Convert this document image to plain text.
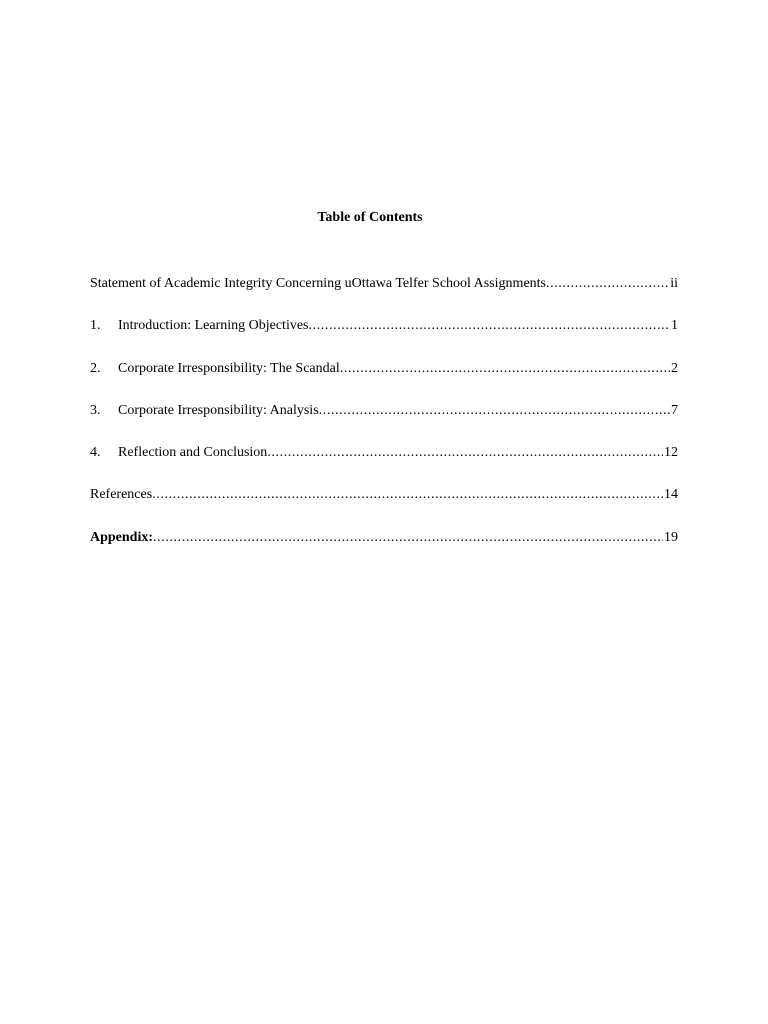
Table of Contents
Statement of Academic Integrity Concerning uOttawa Telfer School Assignments .....	ii
1.	Introduction: Learning Objectives .....	1
2.	Corporate Irresponsibility: The Scandal .....	2
3.	Corporate Irresponsibility: Analysis .....	7
4.	Reflection and Conclusion .....	12
References .....	14
Appendix: .....	19
